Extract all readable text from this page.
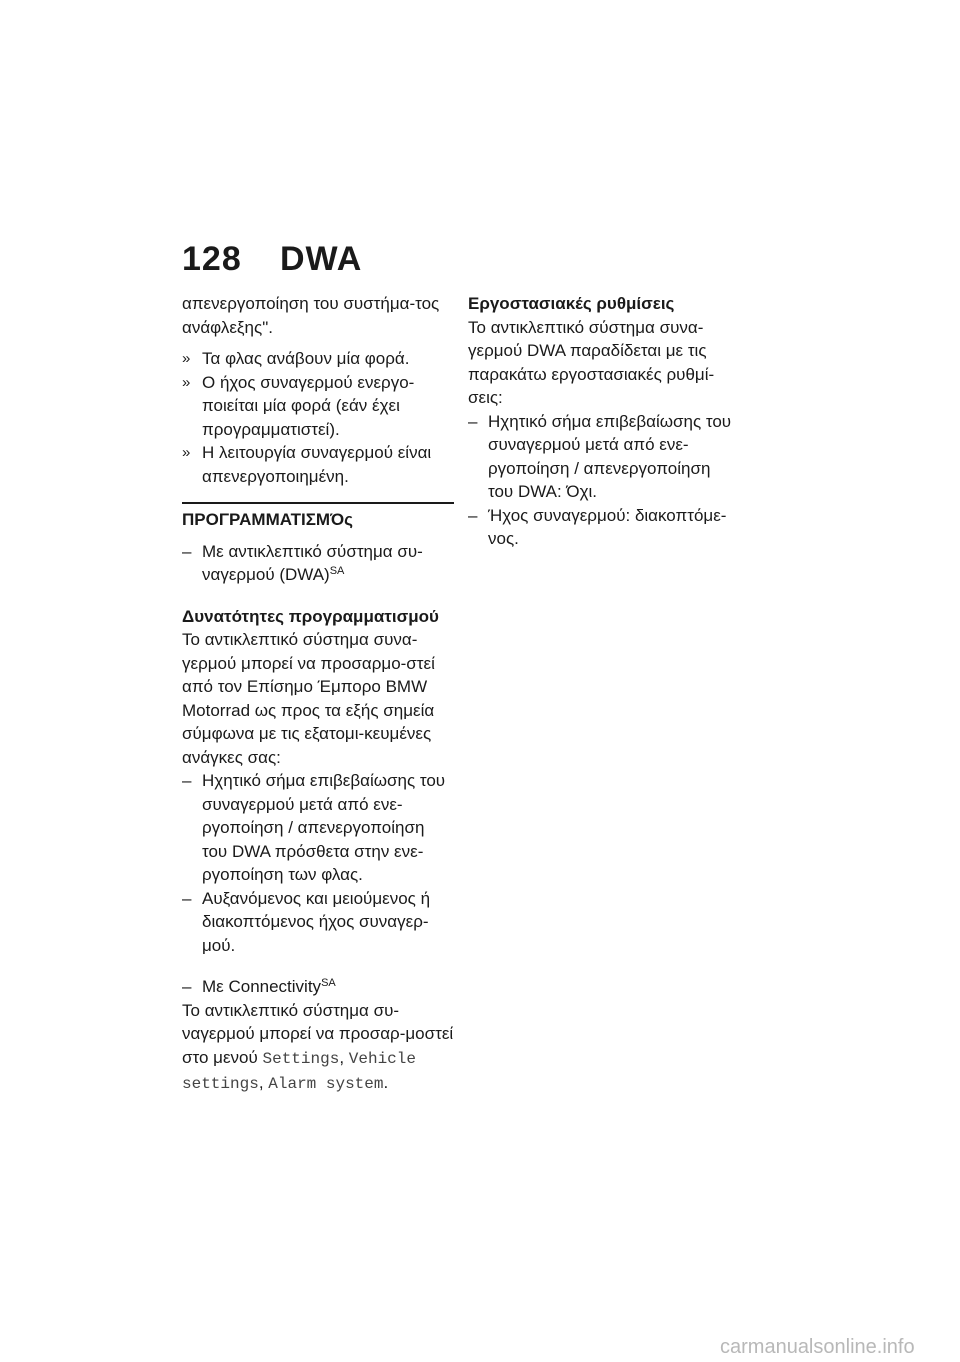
128 DWA

απενεργοποίηση του συστήμα-τος ανάφλεξης".

» Τα φλας ανάβουν μία φορά.
» Ο ήχος συναγερμού ενεργο-ποιείται μία φορά (εάν έχει προγραμματιστεί).
» Η λειτουργία συναγερμού είναι απενεργοποιημένη.
ΠΡΟΓΡΑΜΜΑΤΙΣΜΌς
– Με αντικλεπτικό σύστημα συ-ναγερμού (DWA)$^{SA}$

Δυνατότητες προγραμματισμού

Το αντικλεπτικό σύστημα συνα-γερμού μπορεί να προσαρμο-στεί από τον Επίσημο Έμπορο BMW Motorrad ως προς τα εξής σημεία σύμφωνα με τις εξατομι-κευμένες ανάγκες σας:

– Ηχητικό σήμα επιβεβαίωσης του συναγερμού μετά από ενε-ργοποίηση / απενεργοποίηση του DWA πρόσθετα στην ενε-ργοποίηση των φλας.
– Αυξανόμενος και μειούμενος ή διακοπτόμενος ήχος συναγερ-μού.
– Με Connectivity$^{SA}$

Το αντικλεπτικό σύστημα συ-ναγερμού μπορεί να προσαρ-μοστεί στο μενού Settings, Vehicle settings, Alarm system.

Εργοστασιακές ρυθμίσεις

Το αντικλεπτικό σύστημα συνα-γερμού DWA παραδίδεται με τις παρακάτω εργοστασιακές ρυθμί-σεις:

– Ηχητικό σήμα επιβεβαίωσης του συναγερμού μετά από ενε-ργοποίηση / απενεργοποίηση του DWA: Όχι.
– Ήχος συναγερμού: διακοπτόμε-νος.
carmanualsonline.info
